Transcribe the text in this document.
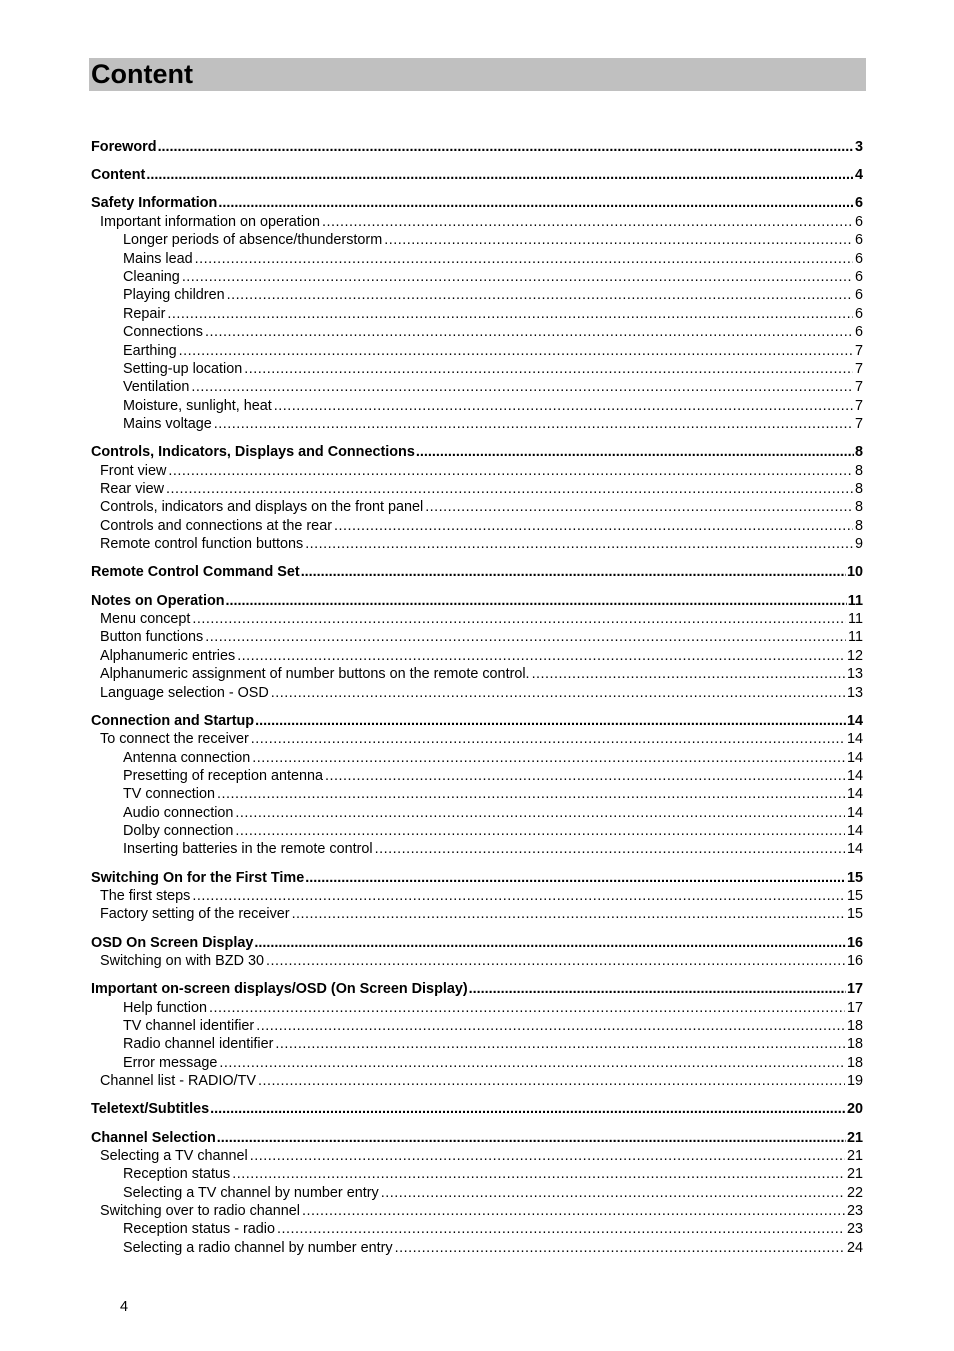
Content
Foreword .....	3
Content .....	4
Safety Information .....	6
Important information on operation .....	6
Longer periods of absence/thunderstorm .....	6
Mains lead .....	6
Cleaning .....	6
Playing children .....	6
Repair .....	6
Connections .....	6
Earthing .....	7
Setting-up location .....	7
Ventilation .....	7
Moisture, sunlight, heat .....	7
Mains voltage .....	7
Controls, Indicators, Displays and Connections .....	8
Front view .....	8
Rear view .....	8
Controls, indicators and displays on the front panel .....	8
Controls and connections at the rear .....	8
Remote control function buttons .....	9
Remote Control Command Set .....	10
Notes on Operation .....	11
Menu concept .....	11
Button functions .....	11
Alphanumeric entries .....	12
Alphanumeric assignment of number buttons on the remote control. .....	13
Language selection - OSD .....	13
Connection and Startup .....	14
To connect the receiver .....	14
Antenna connection .....	14
Presetting of reception antenna .....	14
TV connection .....	14
Audio connection .....	14
Dolby connection .....	14
Inserting batteries in the remote control .....	14
Switching On for the First Time .....	15
The first steps .....	15
Factory setting of the receiver .....	15
OSD On Screen Display .....	16
Switching on with BZD 30 .....	16
Important on-screen displays/OSD (On Screen Display) .....	17
Help function .....	17
TV channel identifier .....	18
Radio channel identifier .....	18
Error message .....	18
Channel list - RADIO/TV .....	19
Teletext/Subtitles .....	20
Channel Selection .....	21
Selecting a TV channel .....	21
Reception status .....	21
Selecting a TV channel by number entry .....	22
Switching over to radio channel .....	23
Reception status - radio .....	23
Selecting a radio channel by number entry .....	24
4
